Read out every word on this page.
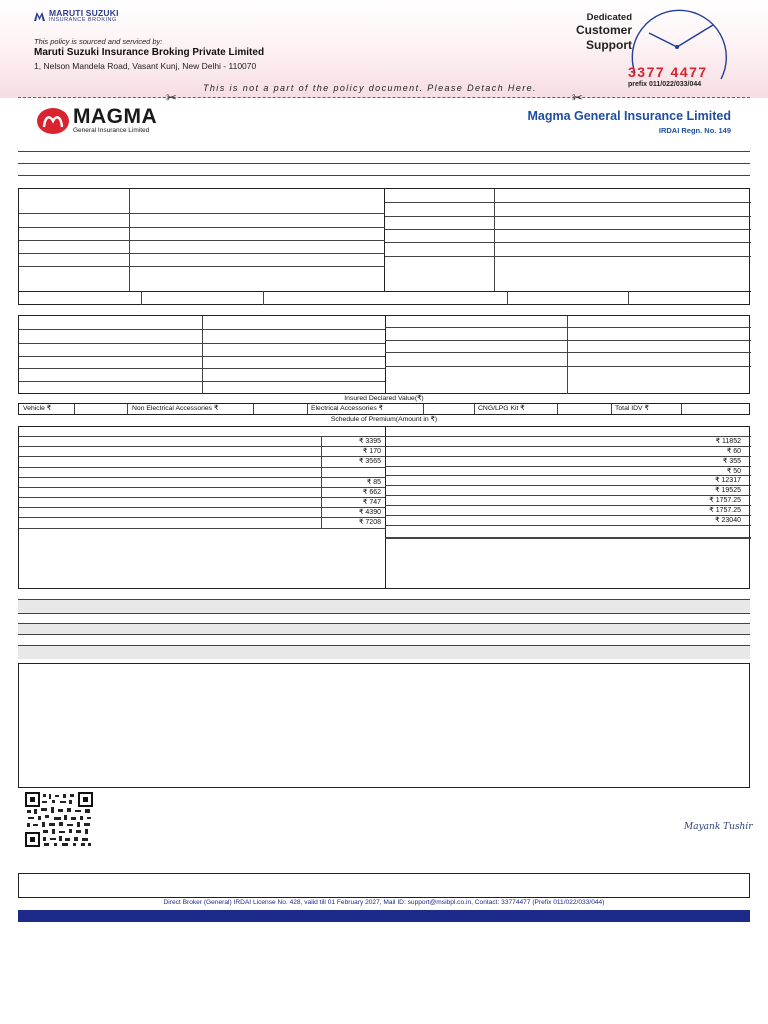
MARUTI SUZUKI
INSURANCE BROKING
This policy is sourced and serviced by:
Maruti Suzuki Insurance Broking Private Limited
1, Nelson Mandela Road, Vasant Kunj, New Delhi - 110070
Dedicated
Customer
Support
3377 4477
prefix 011/022/033/044
This is not a part of the policy document. Please Detach Here.
✂	✂
MAGMA
General Insurance Limited
Magma General Insurance Limited
IRDAI Regn. No. 149
Insured Declared Value(₹)
Vehicle ₹	Non Electrical Accessories ₹	Electrical Accessories ₹	CNG/LPG Kit ₹	Total IDV ₹
Schedule of Premium(Amount in ₹)
₹ 3395
₹ 170
₹ 3565
₹ 85
₹ 662
₹ 747
₹ 4390
₹ 7208
₹ 11852
₹ 60
₹ 355
₹ 50
₹ 12317
₹ 19525
₹ 1757.25
₹ 1757.25
₹ 23040
Mayank Tushir
Direct Broker (General) IRDAI License No. 428, valid till 01 February 2027, Mail ID: support@msibpl.co.in, Contact: 33774477 (Prefix 011/022/033/044)
